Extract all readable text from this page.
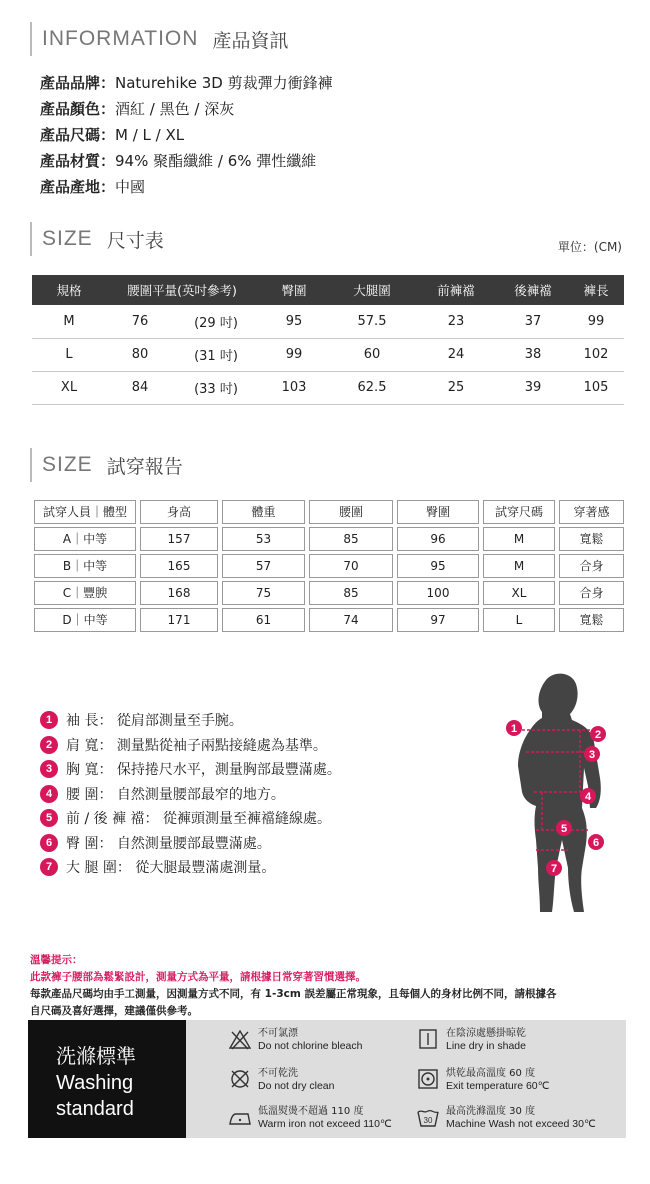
INFORMATION 產品資訊
產品品牌：Naturehike 3D 剪裁彈力衝鋒褲
產品顏色：酒紅 / 黑色 / 深灰
產品尺碼：M / L / XL
產品材質：94% 聚酯纖維 / 6% 彈性纖維
產品產地：中國
SIZE 尺寸表	單位：(CM)
規格	腰圍平量(英吋參考)		臀圍	大腿圍	前褲襠	後褲襠	褲長
M	76	(29 吋)	95	57.5	23	37	99
L	80	(31 吋)	99	60	24	38	102
XL	84	(33 吋)	103	62.5	25	39	105
SIZE 試穿報告
試穿人員｜體型	身高	體重	腰圍	臀圍	試穿尺碼	穿著感

A｜中等	157	53	85	96	M	寬鬆

B｜中等	165	57	70	95	M	合身

C｜豐腴	168	75	85	100	XL	合身

D｜中等	171	61	74	97	L	寬鬆
1 袖 長： 從肩部測量至手腕。
2 肩 寬： 測量點從袖子兩點接縫處為基準。
3 胸 寬： 保持捲尺水平，測量胸部最豐滿處。
4 腰 圍： 自然測量腰部最窄的地方。
5 前 / 後 褲 襠： 從褲頭測量至褲襠縫線處。
6 臀 圍： 自然測量腰部最豐滿處。
7 大 腿 圍： 從大腿最豐滿處測量。
1	2
3
4
5
6
7
溫馨提示：
此款褲子腰部為鬆緊設計，測量方式為平量，請根據日常穿著習慣選擇。
每款產品尺碼均由手工測量，因測量方式不同，有 1-3cm 誤差屬正常現象，且每個人的身材比例不同，請根據各
自尺碼及喜好選擇，建議僅供參考。
洗滌標準
Washing
standard
不可氯漂
Do not chlorine bleach
在陰涼處懸掛晾乾
Line dry in shade
不可乾洗
Do not dry clean
烘乾最高溫度 60 度
Exit temperature 60℃
低溫熨燙不超過 110 度
Warm iron not exceed 110℃	30
最高洗滌溫度 30 度
Machine Wash not exceed 30℃
